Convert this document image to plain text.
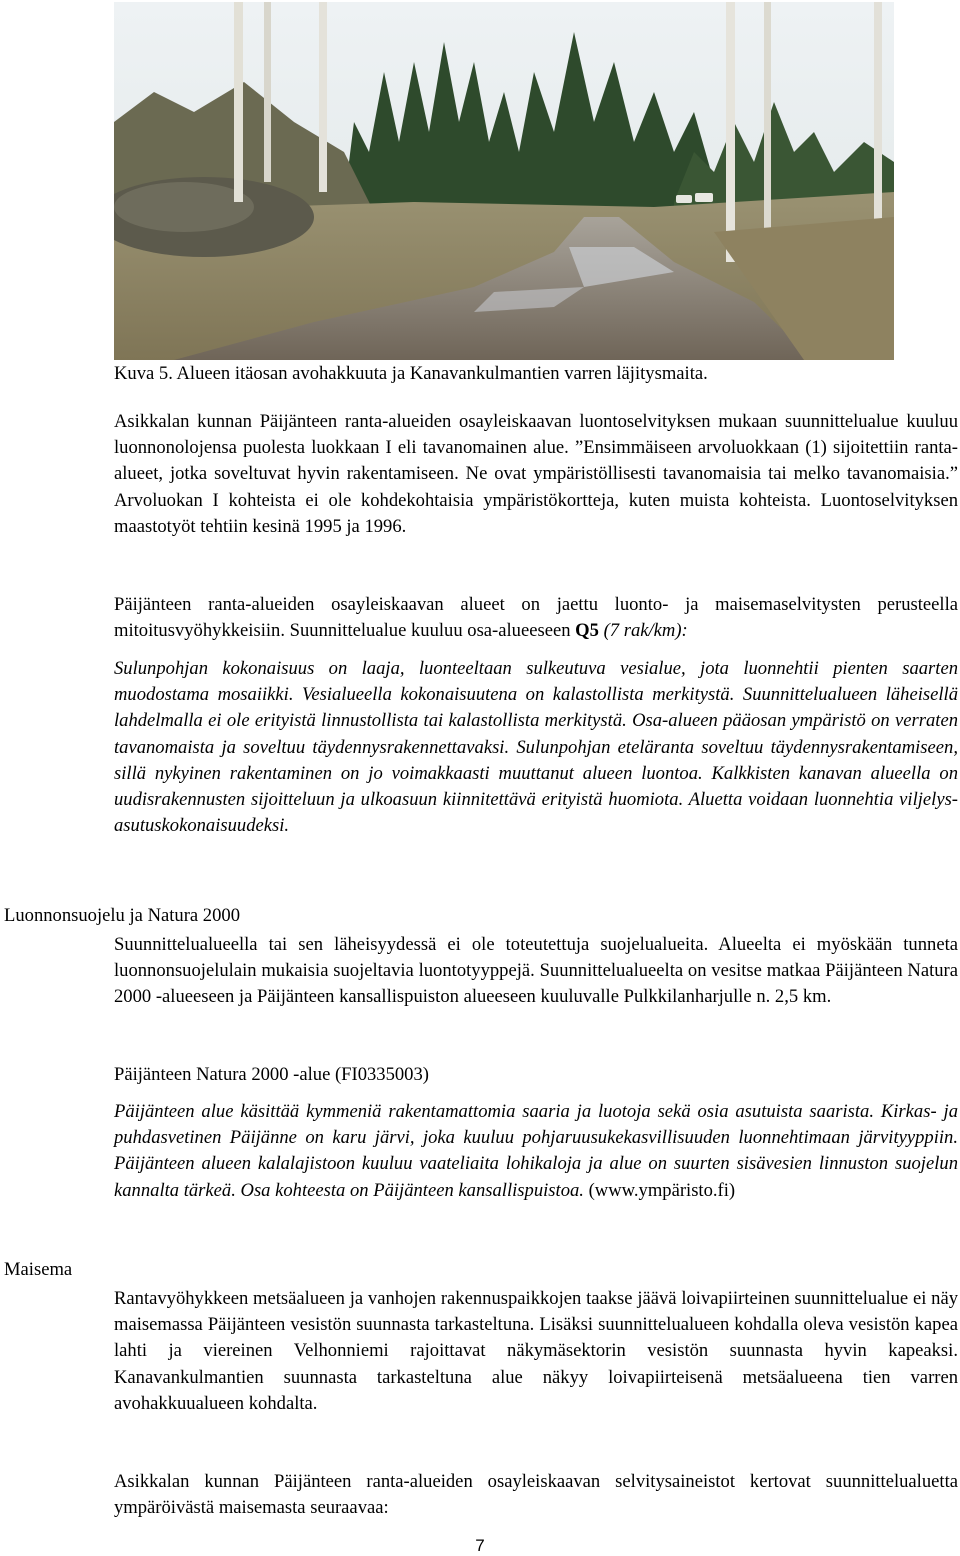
Kuva 5. Alueen itäosan avohakkuuta ja Kanavankulmantien varren läjitysmaita.

Asikkalan kunnan Päijänteen ranta-alueiden osayleiskaavan luontoselvityksen mukaan suunnittelualue kuuluu luonnonolojensa puolesta luokkaan I eli tavanomainen alue. ”Ensimmäiseen arvoluokkaan (1) sijoitettiin ranta-alueet, jotka soveltuvat hyvin rakentamiseen. Ne ovat ympäristöllisesti tavanomaisia tai melko tavanomaisia.” Arvoluokan I kohteista ei ole kohdekohtaisia ympäristökortteja, kuten muista kohteista. Luontoselvityksen maastotyöt tehtiin kesinä 1995 ja 1996.

Päijänteen ranta-alueiden osayleiskaavan alueet on jaettu luonto- ja maisemaselvitysten perusteella mitoitusvyöhykkeisiin. Suunnittelualue kuuluu osa-alueeseen Q5 (7 rak/km):

Sulunpohjan kokonaisuus on laaja, luonteeltaan sulkeutuva vesialue, jota luonnehtii pienten saarten muodostama mosaiikki. Vesialueella kokonaisuutena on kalastollista merkitystä. Suunnittelualueen läheisellä lahdelmalla ei ole erityistä linnustollista tai kalastollista merkitystä. Osa-alueen pääosan ympäristö on verraten tavanomaista ja soveltuu täydennysrakennettavaksi. Sulunpohjan eteläranta soveltuu täydennysrakentamiseen, sillä nykyinen rakentaminen on jo voimakkaasti muuttanut alueen luontoa. Kalkkisten kanavan alueella on uudisrakennusten sijoitteluun ja ulkoasuun kiinnitettävä erityistä huomiota. Aluetta voidaan luonnehtia viljelys-asutuskokonaisuudeksi.

Luonnonsuojelu ja Natura 2000

Suunnittelualueella tai sen läheisyydessä ei ole toteutettuja suojelualueita. Alueelta ei myöskään tunneta luonnonsuojelulain mukaisia suojeltavia luontotyyppejä. Suunnittelualueelta on vesitse matkaa Päijänteen Natura 2000 -alueeseen ja Päijänteen kansallispuiston alueeseen kuuluvalle Pulkkilanharjulle n. 2,5 km.

Päijänteen Natura 2000 -alue (FI0335003)

Päijänteen alue käsittää kymmeniä rakentamattomia saaria ja luotoja sekä osia asutuista saarista. Kirkas- ja puhdasvetinen Päijänne on karu järvi, joka kuuluu pohjaruusukekasvillisuuden luonnehtimaan järvityyppiin. Päijänteen alueen kalalajistoon kuuluu vaateliaita lohikaloja ja alue on suurten sisävesien linnuston suojelun kannalta tärkeä. Osa kohteesta on Päijänteen kansallispuistoa. (www.ympäristo.fi)

Maisema

Rantavyöhykkeen metsäalueen ja vanhojen rakennuspaikkojen taakse jäävä loivapiirteinen suunnittelualue ei näy maisemassa Päijänteen vesistön suunnasta tarkasteltuna. Lisäksi suunnittelualueen kohdalla oleva vesistön kapea lahti ja viereinen Velhonniemi rajoittavat näkymäsektorin vesistön suunnasta hyvin kapeaksi. Kanavankulmantien suunnasta tarkasteltuna alue näkyy loivapiirteisenä metsäalueena tien varren avohakkuualueen kohdalta.

Asikkalan kunnan Päijänteen ranta-alueiden osayleiskaavan selvitysaineistot kertovat suunnittelualuetta ympäröivästä maisemasta seuraavaa:

7
